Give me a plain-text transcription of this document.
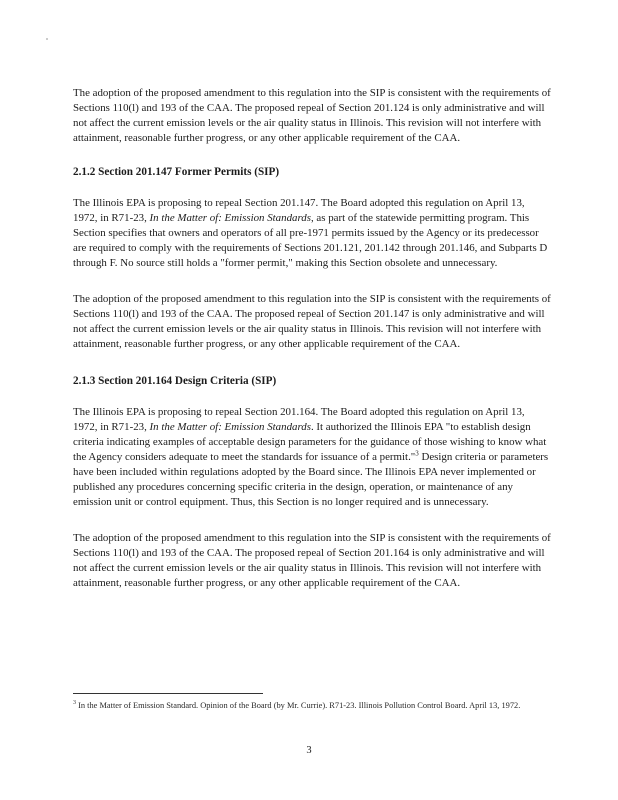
The adoption of the proposed amendment to this regulation into the SIP is consistent with the requirements of Sections 110(l) and 193 of the CAA. The proposed repeal of Section 201.124 is only administrative and will not affect the current emission levels or the air quality status in Illinois. This revision will not interfere with attainment, reasonable further progress, or any other applicable requirement of the CAA.

2.1.2 Section 201.147 Former Permits (SIP)

The Illinois EPA is proposing to repeal Section 201.147. The Board adopted this regulation on April 13, 1972, in R71-23, In the Matter of: Emission Standards, as part of the statewide permitting program. This Section specifies that owners and operators of all pre-1971 permits issued by the Agency or its predecessor are required to comply with the requirements of Sections 201.121, 201.142 through 201.146, and Subparts D through F. No source still holds a "former permit," making this Section obsolete and unnecessary.

The adoption of the proposed amendment to this regulation into the SIP is consistent with the requirements of Sections 110(l) and 193 of the CAA. The proposed repeal of Section 201.147 is only administrative and will not affect the current emission levels or the air quality status in Illinois. This revision will not interfere with attainment, reasonable further progress, or any other applicable requirement of the CAA.

2.1.3 Section 201.164 Design Criteria (SIP)

The Illinois EPA is proposing to repeal Section 201.164. The Board adopted this regulation on April 13, 1972, in R71-23, In the Matter of: Emission Standards. It authorized the Illinois EPA "to establish design criteria indicating examples of acceptable design parameters for the guidance of those wishing to know what the Agency considers adequate to meet the standards for issuance of a permit."$^3$ Design criteria or parameters have been included within regulations adopted by the Board since. The Illinois EPA never implemented or published any procedures concerning specific criteria in the design, operation, or maintenance of any emission unit or control equipment. Thus, this Section is no longer required and is unnecessary.

The adoption of the proposed amendment to this regulation into the SIP is consistent with the requirements of Sections 110(l) and 193 of the CAA. The proposed repeal of Section 201.164 is only administrative and will not affect the current emission levels or the air quality status in Illinois. This revision will not interfere with attainment, reasonable further progress, or any other applicable requirement of the CAA.

$^3$ In the Matter of Emission Standard. Opinion of the Board (by Mr. Currie). R71-23. Illinois Pollution Control Board. April 13, 1972.

3
